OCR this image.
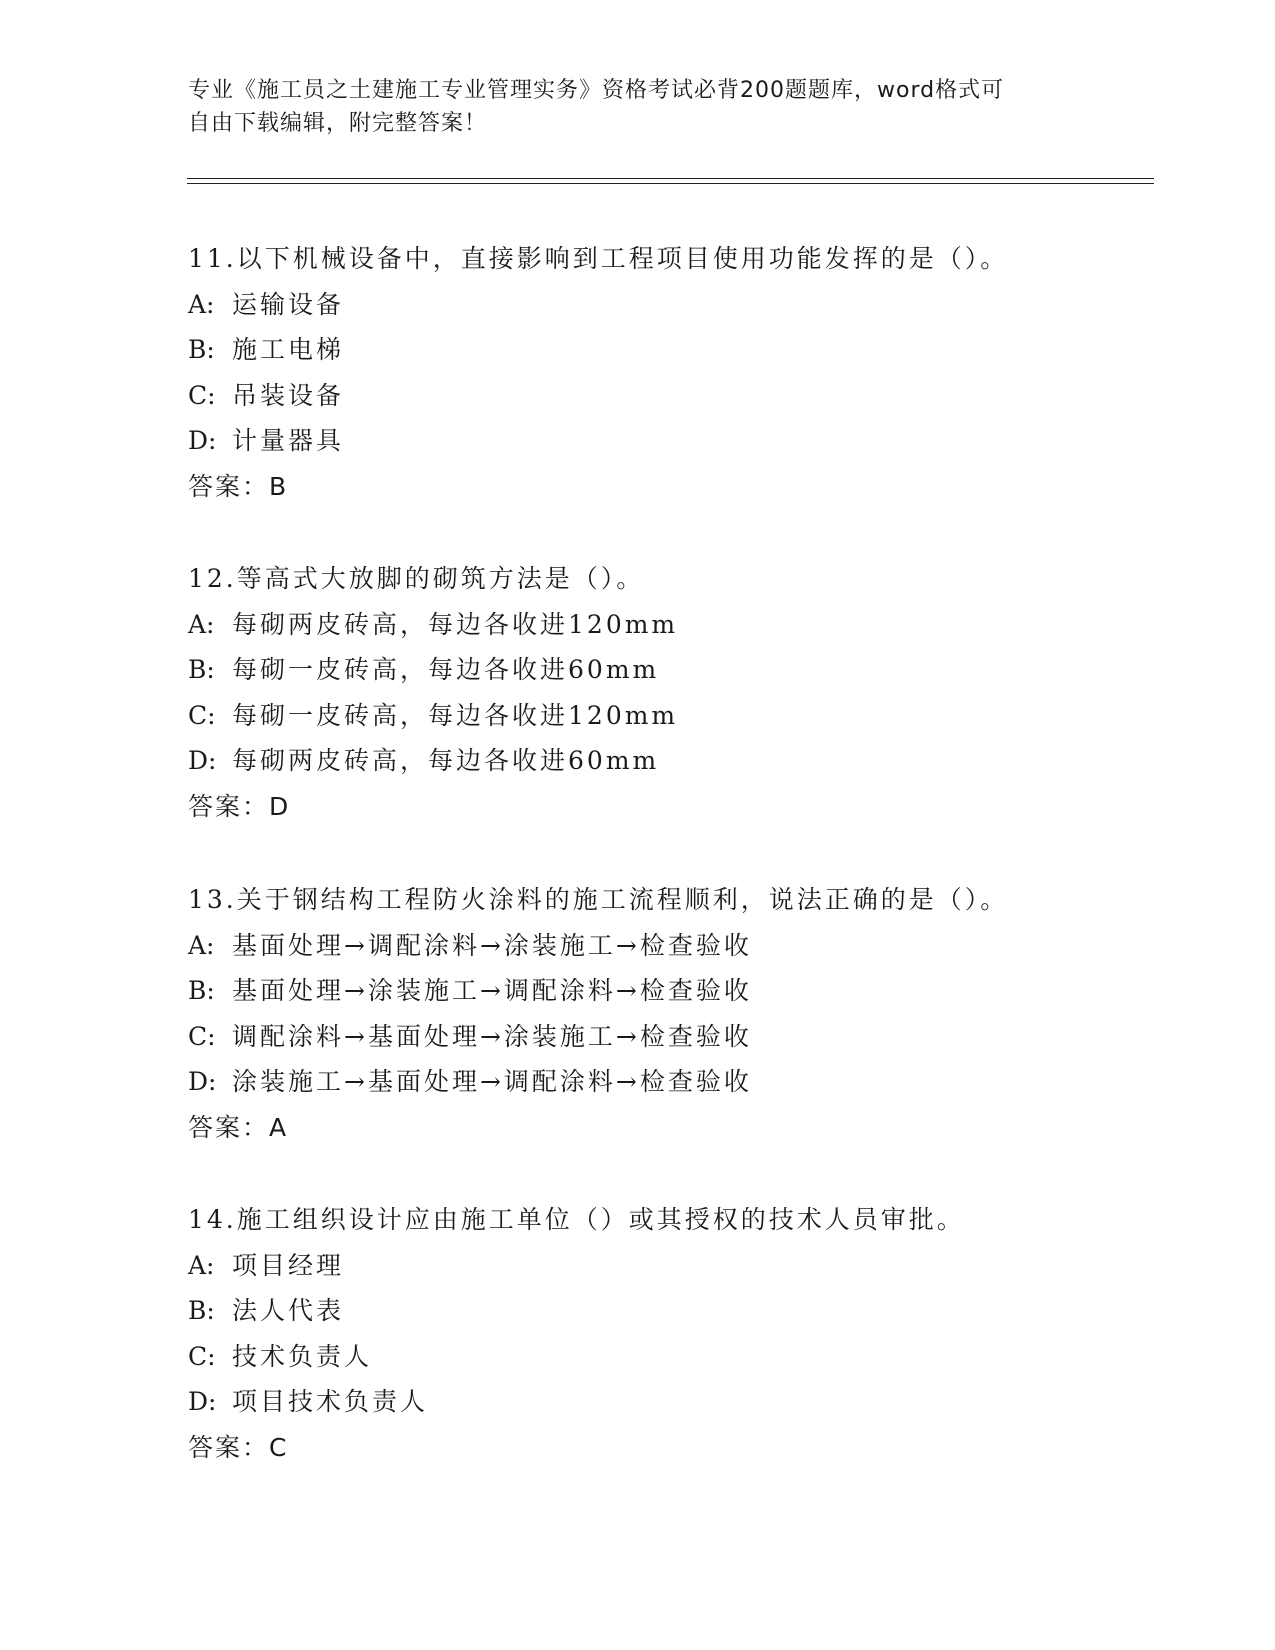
专业《施工员之土建施工专业管理实务》资格考试必背200题题库，word格式可
自由下载编辑，附完整答案！
11.以下机械设备中，直接影响到工程项目使用功能发挥的是（）。
A: 运输设备
B: 施工电梯
C: 吊装设备
D: 计量器具
答案：B
12.等高式大放脚的砌筑方法是（）。
A: 每砌两皮砖高，每边各收进120mm
B: 每砌一皮砖高，每边各收进60mm
C: 每砌一皮砖高，每边各收进120mm
D: 每砌两皮砖高，每边各收进60mm
答案：D
13.关于钢结构工程防火涂料的施工流程顺利，说法正确的是（）。
A: 基面处理→调配涂料→涂装施工→检查验收
B: 基面处理→涂装施工→调配涂料→检查验收
C: 调配涂料→基面处理→涂装施工→检查验收
D: 涂装施工→基面处理→调配涂料→检查验收
答案：A
14.施工组织设计应由施工单位（）或其授权的技术人员审批。
A: 项目经理
B: 法人代表
C: 技术负责人
D: 项目技术负责人
答案：C
